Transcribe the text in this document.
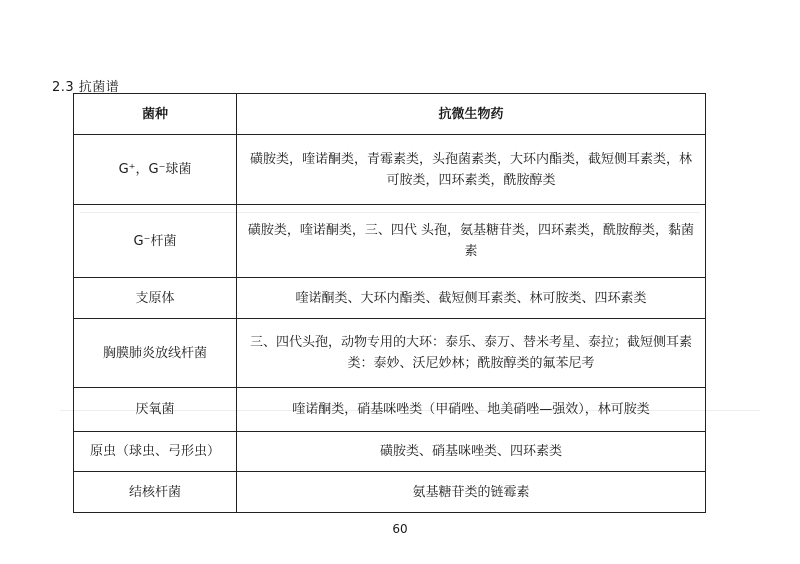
2.3 抗菌谱
菌种	抗微生物药
G⁺，G⁻球菌	磺胺类，喹诺酮类，青霉素类，头孢菌素类，大环内酯类，截短侧耳素类，林可胺类，四环素类，酰胺醇类
G⁻杆菌	磺胺类，喹诺酮类，三、四代 头孢，氨基糖苷类，四环素类，酰胺醇类，黏菌素
支原体	喹诺酮类、大环内酯类、截短侧耳素类、林可胺类、四环素类
胸膜肺炎放线杆菌	三、四代头孢，动物专用的大环：泰乐、泰万、替米考星、泰拉；截短侧耳素类：泰妙、沃尼妙林；酰胺醇类的氟苯尼考
厌氧菌	喹诺酮类，硝基咪唑类（甲硝唑、地美硝唑—强效），林可胺类
原虫（球虫、弓形虫）	磺胺类、硝基咪唑类、四环素类
结核杆菌	氨基糖苷类的链霉素
60
